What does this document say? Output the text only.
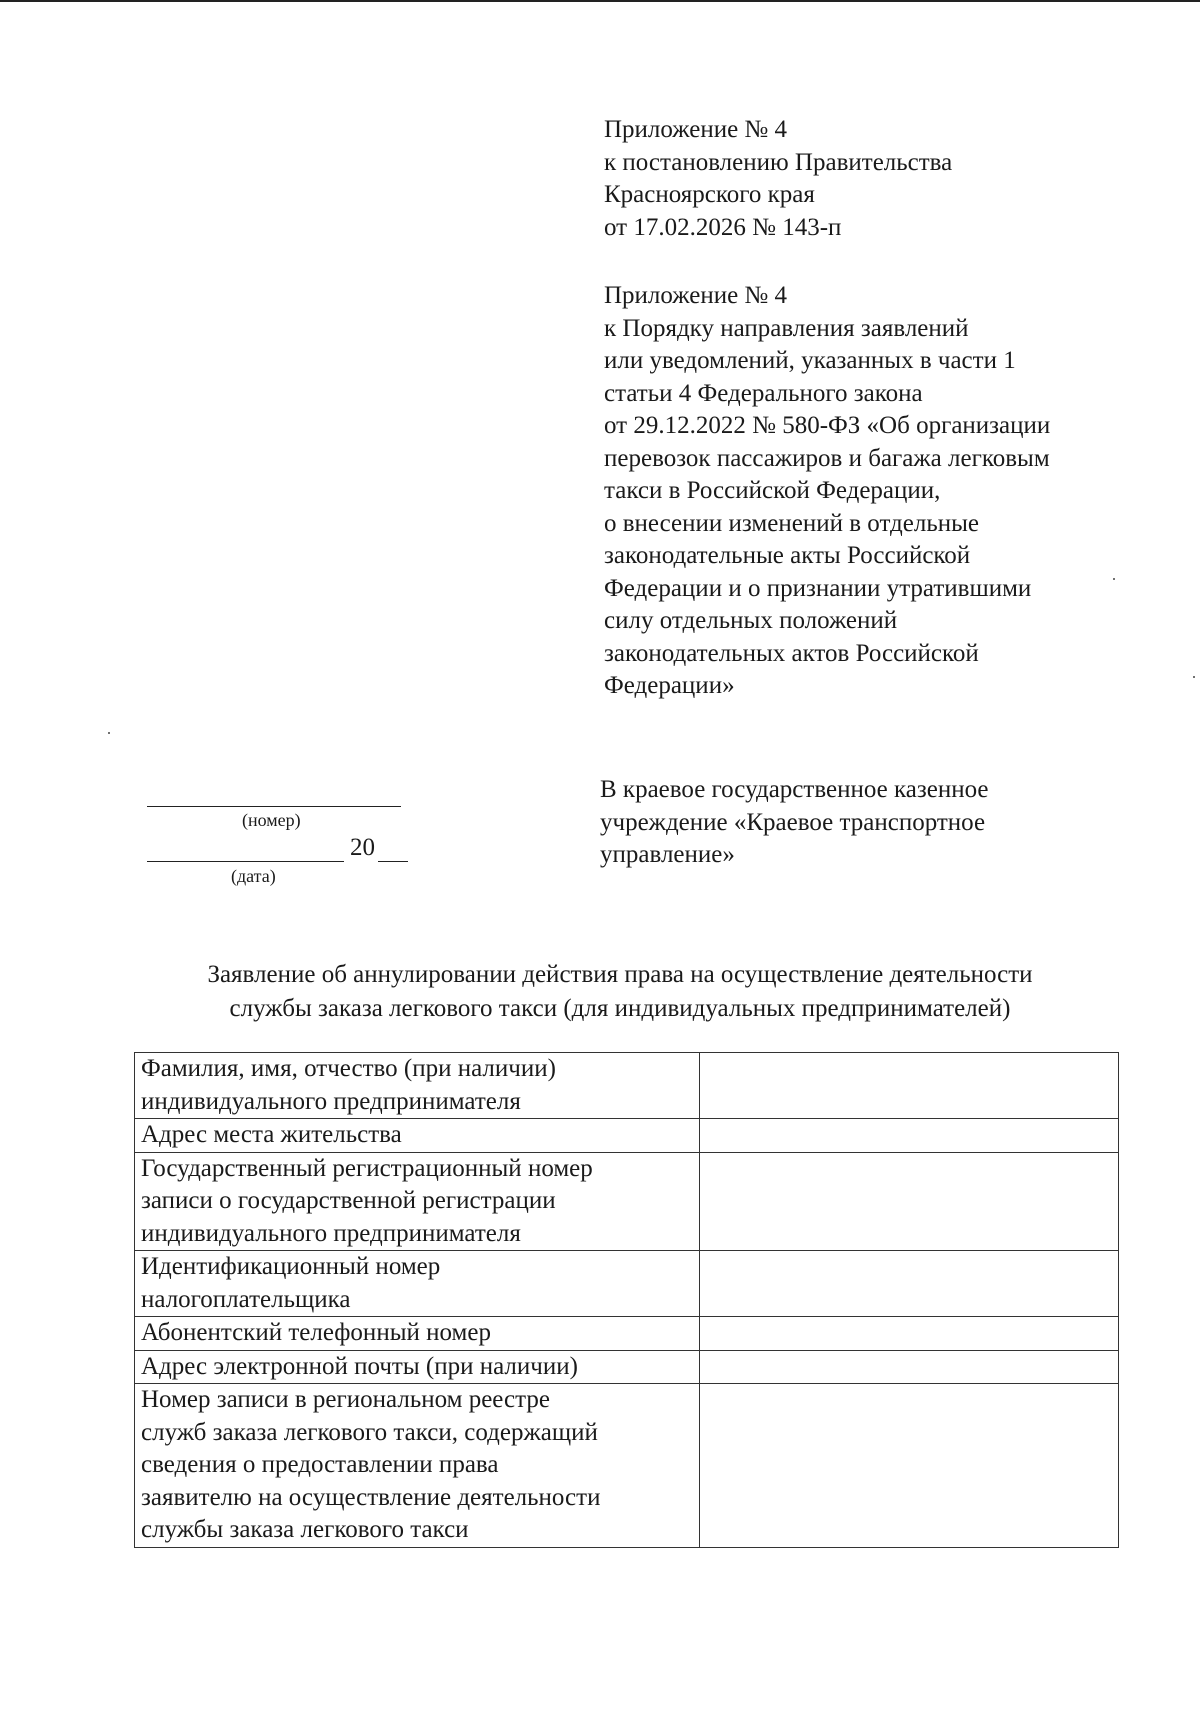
Приложение № 4
к постановлению Правительства
Красноярского края
от 17.02.2026 № 143-п
Приложение № 4
к Порядку направления заявлений
или уведомлений, указанных в части 1
статьи 4 Федерального закона
от 29.12.2022 № 580-ФЗ «Об организации
перевозок пассажиров и багажа легковым
такси в Российской Федерации,
о внесении изменений в отдельные
законодательные акты Российской
Федерации и о признании утратившими
силу отдельных положений
законодательных актов Российской
Федерации»
(номер)
20
(дата)
В краевое государственное казенное
учреждение «Краевое транспортное
управление»
Заявление об аннулировании действия права на осуществление деятельности
службы заказа легкового такси (для индивидуальных предпринимателей)
Фамилия, имя, отчество (при наличии)
индивидуального предпринимателя	

Адрес места жительства	

Государственный регистрационный номер
записи о государственной регистрации
индивидуального предпринимателя	

Идентификационный номер
налогоплательщика	

Абонентский телефонный номер	

Адрес электронной почты (при наличии)	

Номер записи в региональном реестре
служб заказа легкового такси, содержащий
сведения о предоставлении права
заявителю на осуществление деятельности
службы заказа легкового такси	
